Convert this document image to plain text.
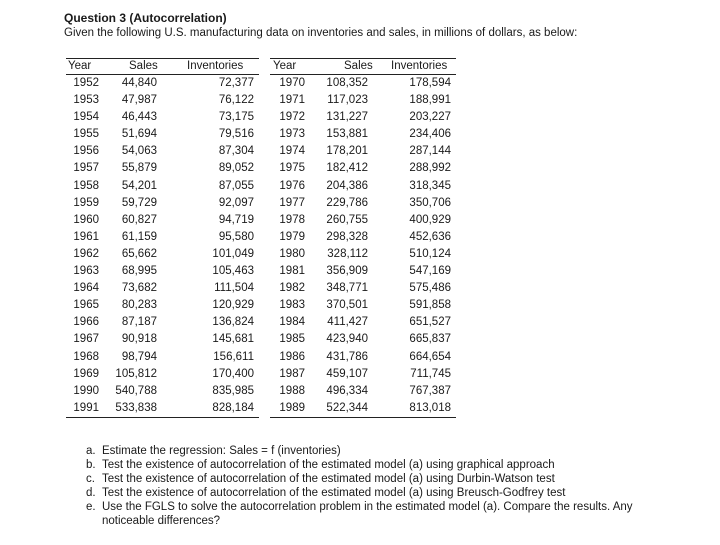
Question 3 (Autocorrelation)
Given the following U.S. manufacturing data on inventories and sales, in millions of dollars, as below:
Year	Sales	Inventories
1952 44,840	72,377
1953 47,987	76,122
1954 46,443	73,175
1955 51,694	79,516
1956 54,063	87,304
1957 55,879	89,052
1958 54,201	87,055
1959 59,729	92,097
1960 60,827	94,719
1961 61,159	95,580
1962 65,662	101,049
1963 68,995	105,463
1964 73,682	111,504
1965 80,283	120,929
1966 87,187	136,824
1967 90,918	145,681
1968 98,794	156,611
1969 105,812	170,400
1990 540,788	835,985
1991 533,838	828,184
Year	Sales Inventories
1970 108,352	178,594
1971 117,023	188,991
1972 131,227	203,227
1973 153,881	234,406
1974 178,201	287,144
1975 182,412	288,992
1976 204,386	318,345
1977 229,786	350,706
1978 260,755	400,929
1979 298,328	452,636
1980 328,112	510,124
1981 356,909	547,169
1982 348,771	575,486
1983 370,501	591,858
1984 411,427	651,527
1985 423,940	665,837
1986 431,786	664,654
1987 459,107	711,745
1988 496,334	767,387
1989 522,344	813,018
a. Estimate the regression: Sales = f (inventories)
b. Test the existence of autocorrelation of the estimated model (a) using graphical approach
c. Test the existence of autocorrelation of the estimated model (a) using Durbin-Watson test
d. Test the existence of autocorrelation of the estimated model (a) using Breusch-Godfrey test
e. Use the FGLS to solve the autocorrelation problem in the estimated model (a). Compare the results. Any noticeable differences?
